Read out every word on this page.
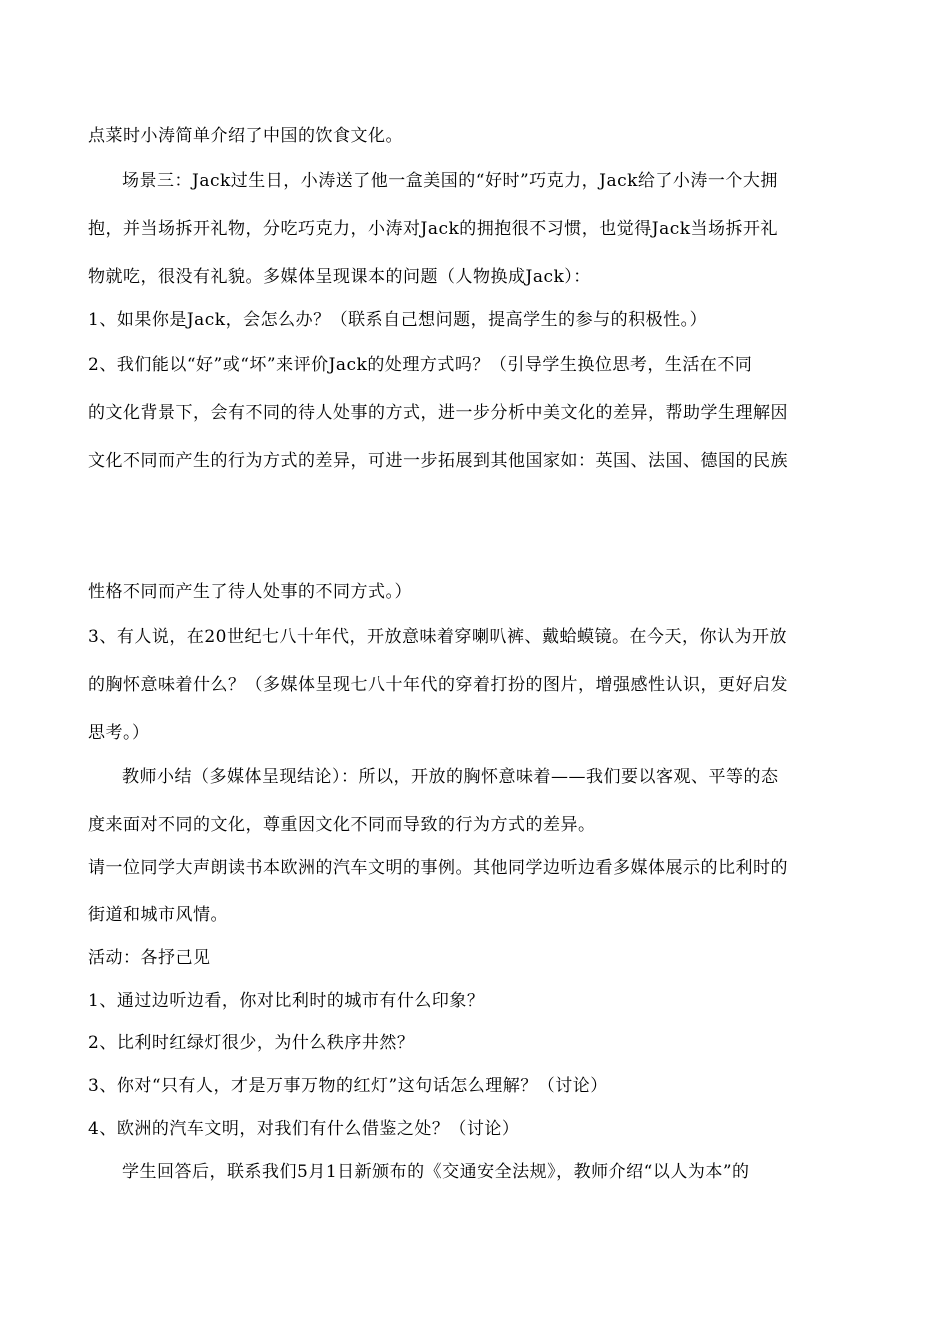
点菜时小涛简单介绍了中国的饮食文化。
场景三：Jack过生日，小涛送了他一盒美国的“好时”巧克力，Jack给了小涛一个大拥
抱，并当场拆开礼物，分吃巧克力，小涛对Jack的拥抱很不习惯，也觉得Jack当场拆开礼
物就吃，很没有礼貌。多媒体呈现课本的问题（人物换成Jack）：
1、如果你是Jack，会怎么办？（联系自己想问题，提高学生的参与的积极性。）
2、我们能以“好”或“坏”来评价Jack的处理方式吗？（引导学生换位思考，生活在不同
的文化背景下，会有不同的待人处事的方式，进一步分析中美文化的差异，帮助学生理解因
文化不同而产生的行为方式的差异，可进一步拓展到其他国家如：英国、法国、德国的民族
性格不同而产生了待人处事的不同方式。）
3、有人说，在20世纪七八十年代，开放意味着穿喇叭裤、戴蛤蟆镜。在今天，你认为开放
的胸怀意味着什么？（多媒体呈现七八十年代的穿着打扮的图片，增强感性认识，更好启发
思考。）
教师小结（多媒体呈现结论）：所以，开放的胸怀意味着——我们要以客观、平等的态
度来面对不同的文化，尊重因文化不同而导致的行为方式的差异。
请一位同学大声朗读书本欧洲的汽车文明的事例。其他同学边听边看多媒体展示的比利时的
街道和城市风情。
活动：各抒己见
1、通过边听边看，你对比利时的城市有什么印象？
2、比利时红绿灯很少，为什么秩序井然？
3、你对“只有人，才是万事万物的红灯”这句话怎么理解？（讨论）
4、欧洲的汽车文明，对我们有什么借鉴之处？（讨论）
学生回答后，联系我们5月1日新颁布的《交通安全法规》，教师介绍“以人为本”的
